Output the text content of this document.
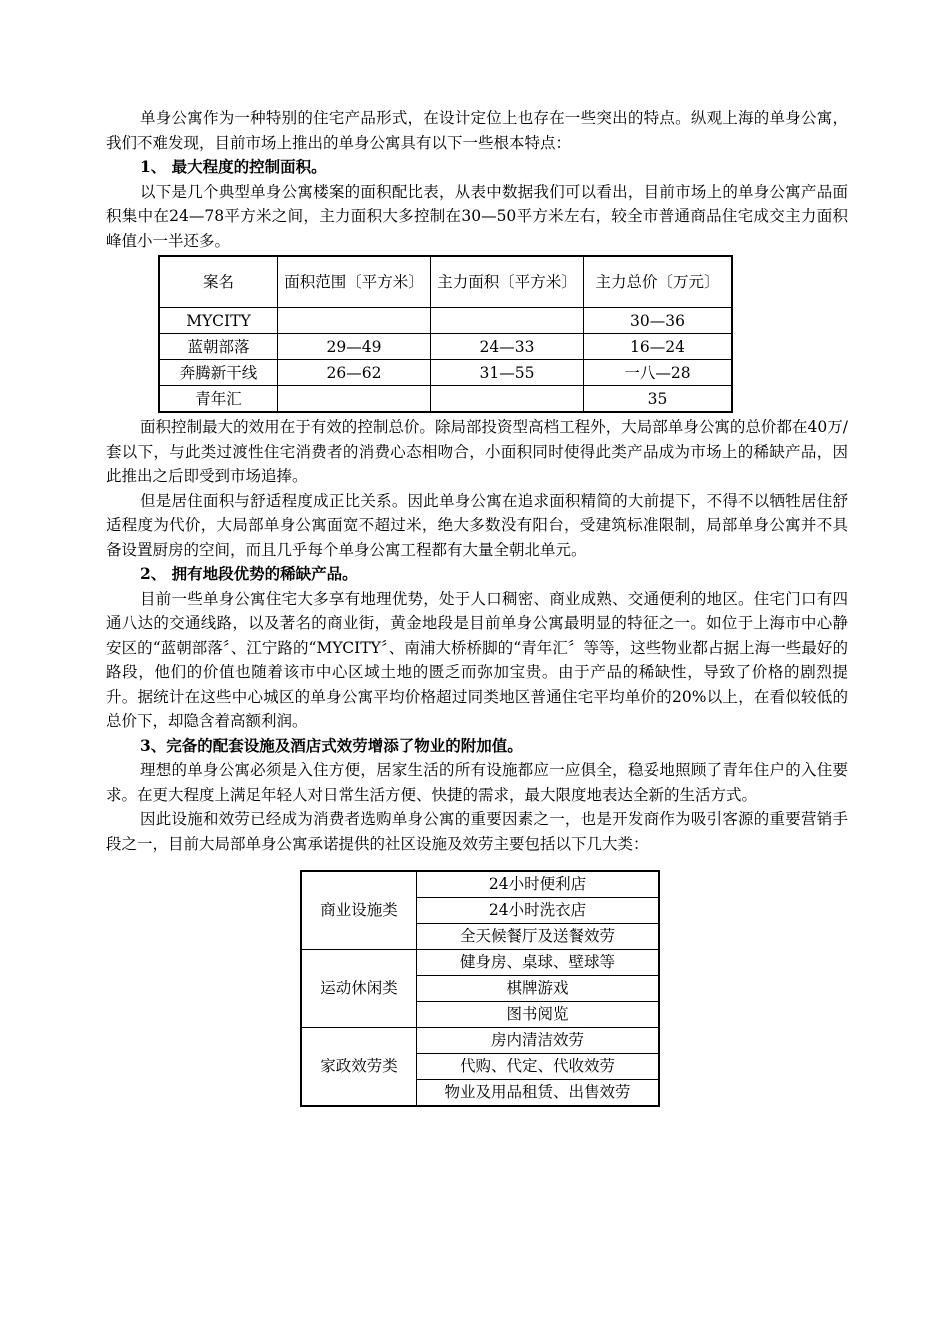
单身公寓作为一种特别的住宅产品形式，在设计定位上也存在一些突出的特点。纵观上海的单身公寓，我们不难发现，目前市场上推出的单身公寓具有以下一些根本特点：

1、 最大程度的控制面积。

以下是几个典型单身公寓楼案的面积配比表，从表中数据我们可以看出，目前市场上的单身公寓产品面积集中在24—78平方米之间，主力面积大多控制在30—50平方米左右，较全市普通商品住宅成交主力面积峰值小一半还多。

案名	面积范围〔平方米〕	主力面积〔平方米〕	主力总价〔万元〕
MYCITY			30—36
蓝朝部落	29—49	24—33	16—24
奔腾新干线	26—62	31—55	一八—28
青年汇			35

面积控制最大的效用在于有效的控制总价。除局部投资型高档工程外，大局部单身公寓的总价都在40万/套以下，与此类过渡性住宅消费者的消费心态相吻合，小面积同时使得此类产品成为市场上的稀缺产品，因此推出之后即受到市场追捧。

但是居住面积与舒适程度成正比关系。因此单身公寓在追求面积精简的大前提下，不得不以牺牲居住舒适程度为代价，大局部单身公寓面宽不超过米，绝大多数没有阳台，受建筑标准限制，局部单身公寓并不具备设置厨房的空间，而且几乎每个单身公寓工程都有大量全朝北单元。

2、 拥有地段优势的稀缺产品。

目前一些单身公寓住宅大多享有地理优势，处于人口稠密、商业成熟、交通便利的地区。住宅门口有四通八达的交通线路，以及著名的商业街，黄金地段是目前单身公寓最明显的特征之一。如位于上海市中心静安区的“蓝朝部落〞、江宁路的“MYCITY〞、南浦大桥桥脚的“青年汇〞等等，这些物业都占据上海一些最好的路段，他们的价值也随着该市中心区域土地的匮乏而弥加宝贵。由于产品的稀缺性，导致了价格的剧烈提升。据统计在这些中心城区的单身公寓平均价格超过同类地区普通住宅平均单价的20%以上，在看似较低的总价下，却隐含着高额利润。

3、完备的配套设施及酒店式效劳增添了物业的附加值。

理想的单身公寓必须是入住方便，居家生活的所有设施都应一应俱全，稳妥地照顾了青年住户的入住要求。在更大程度上满足年轻人对日常生活方便、快捷的需求，最大限度地表达全新的生活方式。

因此设施和效劳已经成为消费者选购单身公寓的重要因素之一，也是开发商作为吸引客源的重要营销手段之一，目前大局部单身公寓承诺提供的社区设施及效劳主要包括以下几大类：

商业设施类	24小时便利店
	24小时洗衣店
	全天候餐厅及送餐效劳
运动休闲类	健身房、桌球、壁球等
	棋牌游戏
	图书阅览
家政效劳类	房内清洁效劳
	代购、代定、代收效劳
	物业及用品租赁、出售效劳
